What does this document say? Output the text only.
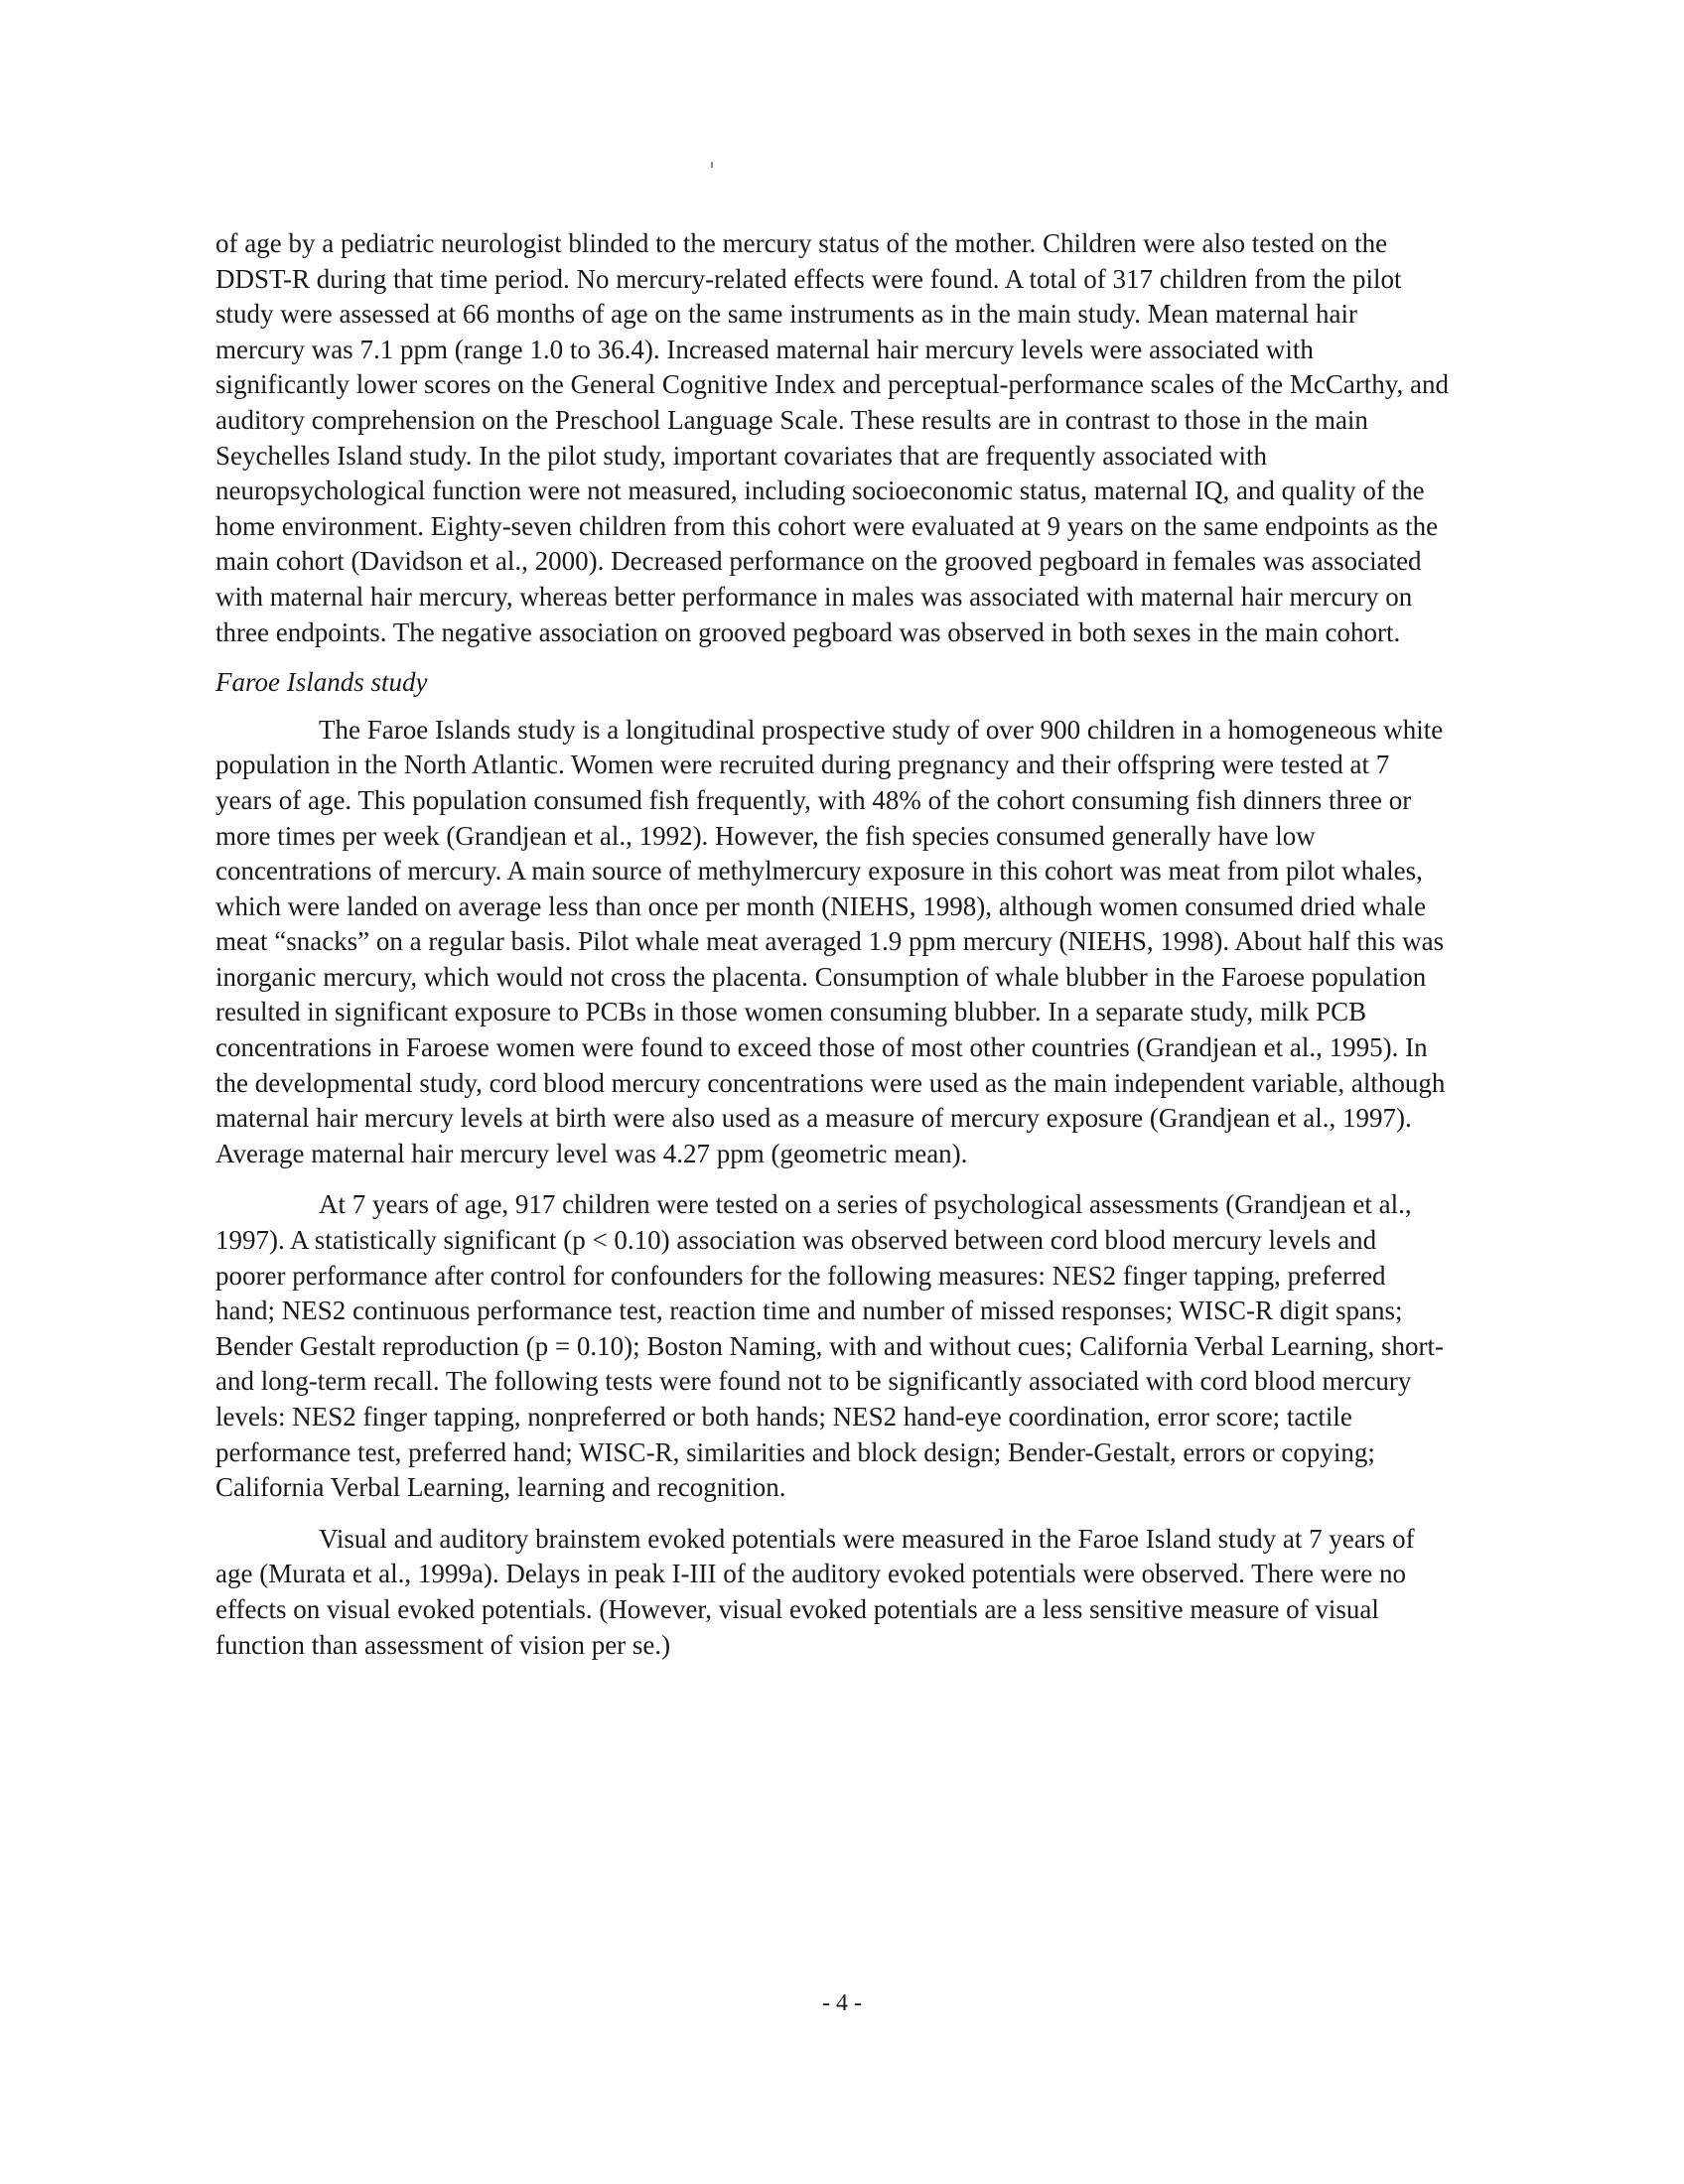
of age by a pediatric neurologist blinded to the mercury status of the mother. Children were also tested on the DDST-R during that time period. No mercury-related effects were found. A total of 317 children from the pilot study were assessed at 66 months of age on the same instruments as in the main study. Mean maternal hair mercury was 7.1 ppm (range 1.0 to 36.4). Increased maternal hair mercury levels were associated with significantly lower scores on the General Cognitive Index and perceptual-performance scales of the McCarthy, and auditory comprehension on the Preschool Language Scale. These results are in contrast to those in the main Seychelles Island study. In the pilot study, important covariates that are frequently associated with neuropsychological function were not measured, including socioeconomic status, maternal IQ, and quality of the home environment. Eighty-seven children from this cohort were evaluated at 9 years on the same endpoints as the main cohort (Davidson et al., 2000). Decreased performance on the grooved pegboard in females was associated with maternal hair mercury, whereas better performance in males was associated with maternal hair mercury on three endpoints. The negative association on grooved pegboard was observed in both sexes in the main cohort.

Faroe Islands study

The Faroe Islands study is a longitudinal prospective study of over 900 children in a homogeneous white population in the North Atlantic. Women were recruited during pregnancy and their offspring were tested at 7 years of age. This population consumed fish frequently, with 48% of the cohort consuming fish dinners three or more times per week (Grandjean et al., 1992). However, the fish species consumed generally have low concentrations of mercury. A main source of methylmercury exposure in this cohort was meat from pilot whales, which were landed on average less than once per month (NIEHS, 1998), although women consumed dried whale meat “snacks” on a regular basis. Pilot whale meat averaged 1.9 ppm mercury (NIEHS, 1998). About half this was inorganic mercury, which would not cross the placenta. Consumption of whale blubber in the Faroese population resulted in significant exposure to PCBs in those women consuming blubber. In a separate study, milk PCB concentrations in Faroese women were found to exceed those of most other countries (Grandjean et al., 1995). In the developmental study, cord blood mercury concentrations were used as the main independent variable, although maternal hair mercury levels at birth were also used as a measure of mercury exposure (Grandjean et al., 1997). Average maternal hair mercury level was 4.27 ppm (geometric mean).

At 7 years of age, 917 children were tested on a series of psychological assessments (Grandjean et al., 1997). A statistically significant (p < 0.10) association was observed between cord blood mercury levels and poorer performance after control for confounders for the following measures: NES2 finger tapping, preferred hand; NES2 continuous performance test, reaction time and number of missed responses; WISC-R digit spans; Bender Gestalt reproduction (p = 0.10); Boston Naming, with and without cues; California Verbal Learning, short- and long-term recall. The following tests were found not to be significantly associated with cord blood mercury levels: NES2 finger tapping, nonpreferred or both hands; NES2 hand-eye coordination, error score; tactile performance test, preferred hand; WISC-R, similarities and block design; Bender-Gestalt, errors or copying; California Verbal Learning, learning and recognition.

Visual and auditory brainstem evoked potentials were measured in the Faroe Island study at 7 years of age (Murata et al., 1999a). Delays in peak I-III of the auditory evoked potentials were observed. There were no effects on visual evoked potentials. (However, visual evoked potentials are a less sensitive measure of visual function than assessment of vision per se.)

- 4 -
